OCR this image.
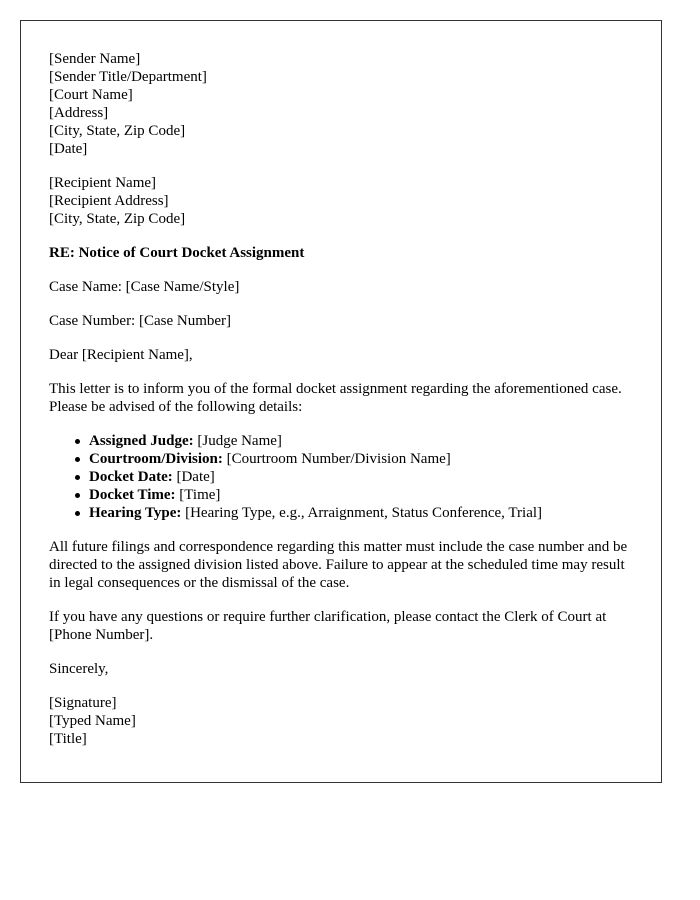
[Sender Name]
[Sender Title/Department]
[Court Name]
[Address]
[City, State, Zip Code]
[Date]
[Recipient Name]
[Recipient Address]
[City, State, Zip Code]
RE: Notice of Court Docket Assignment

Case Name: [Case Name/Style]

Case Number: [Case Number]

Dear [Recipient Name],

This letter is to inform you of the formal docket assignment regarding the aforementioned case. Please be advised of the following details:

Assigned Judge: [Judge Name]
Courtroom/Division: [Courtroom Number/Division Name]
Docket Date: [Date]
Docket Time: [Time]
Hearing Type: [Hearing Type, e.g., Arraignment, Status Conference, Trial]

All future filings and correspondence regarding this matter must include the case number and be directed to the assigned division listed above. Failure to appear at the scheduled time may result in legal consequences or the dismissal of the case.

If you have any questions or require further clarification, please contact the Clerk of Court at [Phone Number].

Sincerely,

[Signature]
[Typed Name]
[Title]
